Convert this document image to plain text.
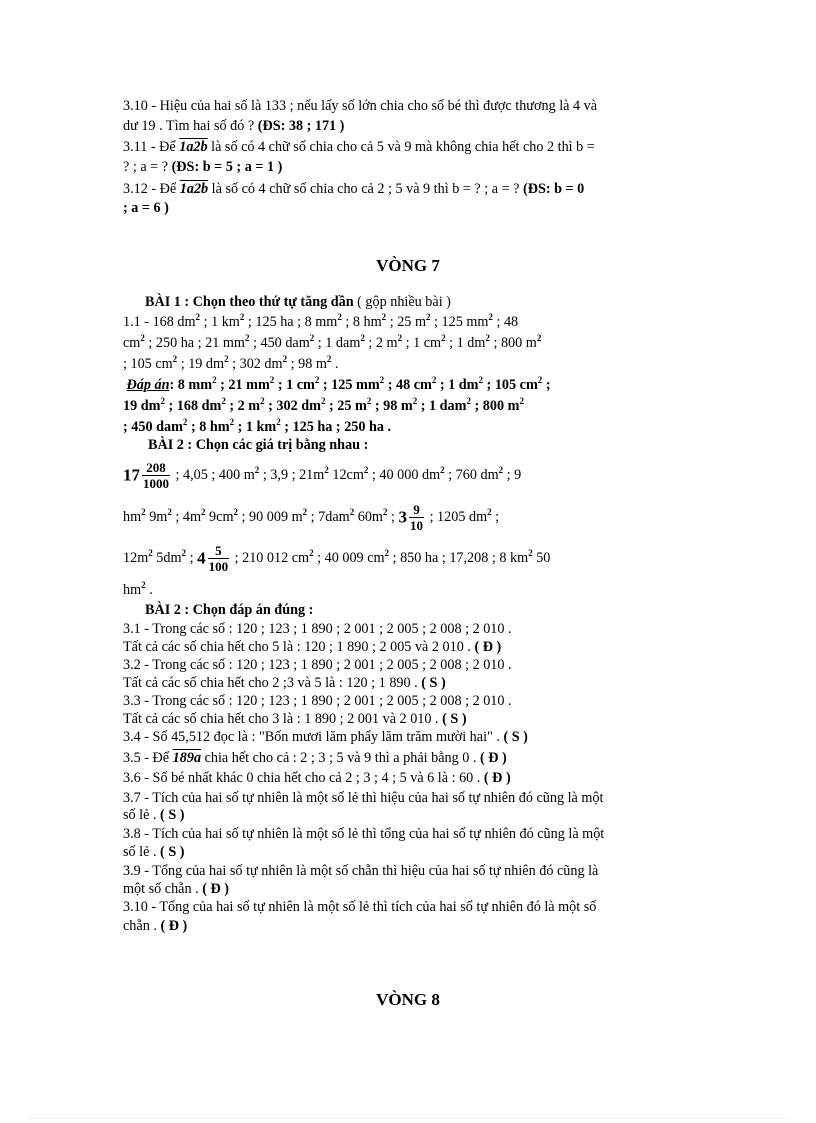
3.10 - Hiệu của hai số là 133 ; nếu lấy số lớn chia cho số bé thì được thương là 4 và
dư 19 . Tìm hai số đó ? (ĐS: 38 ; 171 )
3.11 - Để 1a2b là số có 4 chữ số chia cho cả 5 và 9 mà không chia hết cho 2 thì b =
? ; a = ? (ĐS: b = 5 ; a = 1 )
3.12 - Để 1a2b là số có 4 chữ số chia cho cả 2 ; 5 và 9 thì b = ? ; a = ? (ĐS: b = 0
; a = 6 )
VÒNG 7
BÀI 1 : Chọn theo thứ tự tăng dần ( gộp nhiều bài )
1.1 - 168 $dm^2$ ; 1 $km^2$ ; 125 ha ; 8 $mm^2$ ; 8 $hm^2$ ; 25 $m^2$ ; 125 $mm^2$ ; 48
$cm^2$ ; 250 ha ; 21 $mm^2$ ; 450 dam$^2$ ; 1 dam$^2$ ; 2 $m^2$ ; 1 $cm^2$ ; 1 $dm^2$ ; 800 $m^2$
; 105 $cm^2$ ; 19 $dm^2$ ; 302 $dm^2$ ; 98 $m^2$ .
Đáp án: 8 $mm^2$ ; 21 $mm^2$ ; 1 $cm^2$ ; 125 $mm^2$ ; 48 $cm^2$ ; 1 $dm^2$ ; 105 $cm^2$ ;
19 $dm^2$ ; 168 $dm^2$ ; 2 $m^2$ ; 302 $dm^2$ ; 25 $m^2$ ; 98 $m^2$ ; 1 dam$^2$ ; 800 $m^2$
; 450 dam$^2$ ; 8 $hm^2$ ; 1 $km^2$ ; 125 ha ; 250 ha .
BÀI 2 : Chọn các giá trị bằng nhau :
$17 \frac{208}{1000}$ ; 4,05 ; 400 $m^2$ ; 3,9 ; $21m^2$ $12cm^2$ ; 40 000 $dm^2$ ; 760 $dm^2$ ; 9
$hm^2$ $9m^2$ ; $4m^2$ $9cm^2$ ; 90 009 $m^2$ ; 7dam$^2$ $60m^2$ ; $3 \frac{9}{10}$ ; 1205 $dm^2$ ;
$12m^2$ $5dm^2$ ; $4 \frac{5}{100}$ ; 210 012 $cm^2$ ; 40 009 $cm^2$ ; 850 ha ; 17,208 ; 8 $km^2$ 50
$hm^2$ .
BÀI 2 : Chọn đáp án đúng :
3.1 - Trong các số : 120 ; 123 ; 1 890 ; 2 001 ; 2 005 ; 2 008 ; 2 010 .
Tất cả các số chia hết cho 5 là : 120 ; 1 890 ; 2 005 và 2 010 . ( Đ )
3.2 - Trong các số : 120 ; 123 ; 1 890 ; 2 001 ; 2 005 ; 2 008 ; 2 010 .
Tất cả các số chia hết cho 2 ;3 và 5 là : 120 ; 1 890 . ( S )
3.3 - Trong các số : 120 ; 123 ; 1 890 ; 2 001 ; 2 005 ; 2 008 ; 2 010 .
Tất cả các số chia hết cho 3 là : 1 890 ; 2 001 và 2 010 . ( S )
3.4 - Số 45,512 đọc là : "Bốn mươi lăm phẩy lăm trăm mười hai" . ( S )
3.5 - Để 189a chia hết cho cả : 2 ; 3 ; 5 và 9 thì a phải bằng 0 . ( Đ )
3.6 - Số bé nhất khác 0 chia hết cho cả 2 ; 3 ; 4 ; 5 và 6 là : 60 . ( Đ )
3.7 - Tích của hai số tự nhiên là một số lẻ thì hiệu của hai số tự nhiên đó cũng là một
số lẻ . ( S )
3.8 - Tích của hai số tự nhiên là một số lẻ thì tổng của hai số tự nhiên đó cũng là một
số lẻ . ( S )
3.9 - Tổng của hai số tự nhiên là một số chẵn thì hiệu của hai số tự nhiên đó cũng là
một số chẵn . ( Đ )
3.10 - Tổng của hai số tự nhiên là một số lẻ thì tích của hai số tự nhiên đó là một số
chẵn . ( Đ )
VÒNG 8
